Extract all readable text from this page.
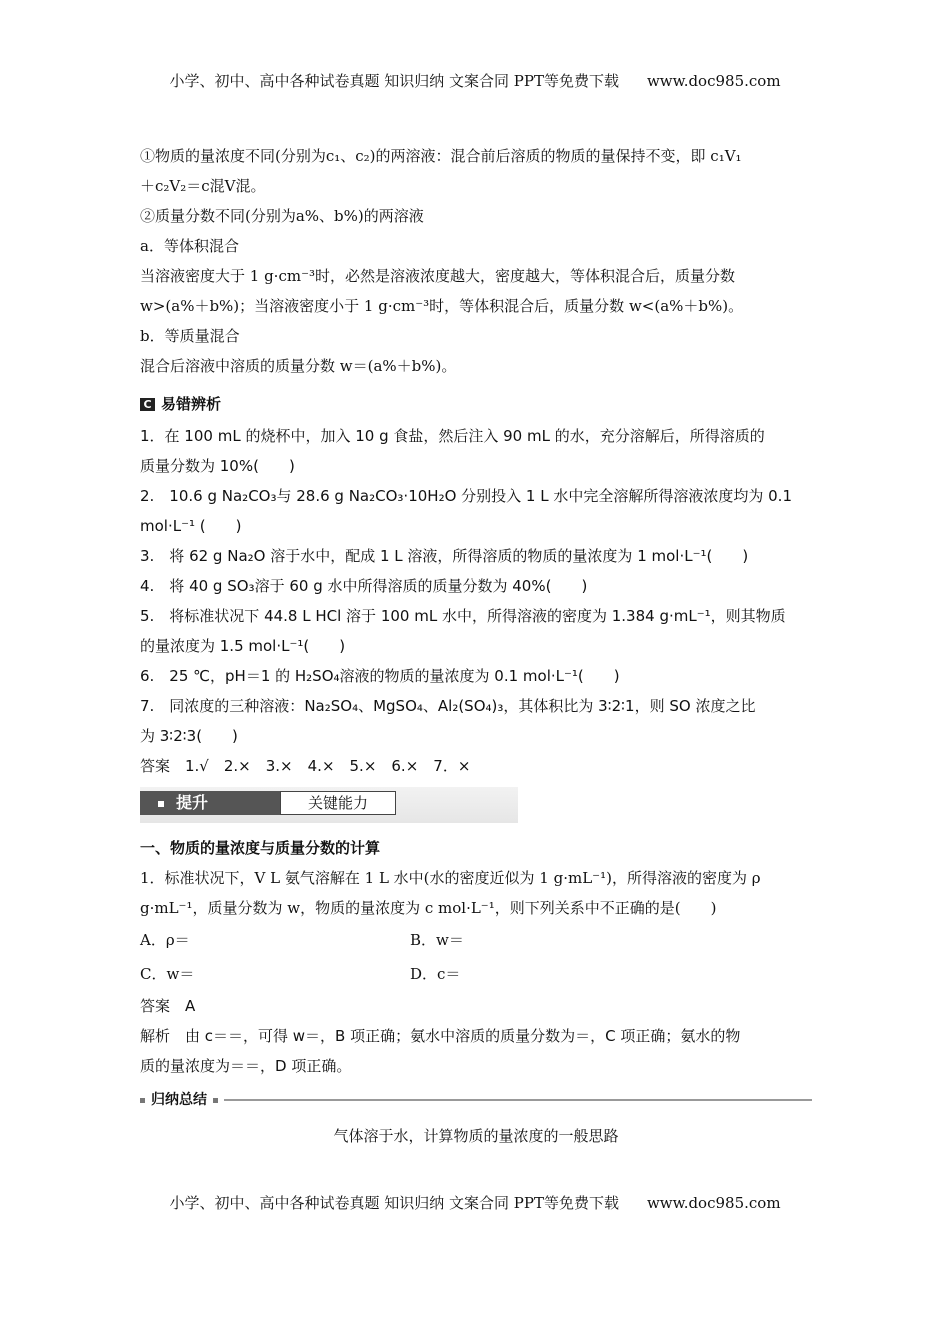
小学、初中、高中各种试卷真题 知识归纳 文案合同 PPT等免费下载 www.doc985.com

①物质的量浓度不同(分别为c₁、c₂)的两溶液：混合前后溶质的物质的量保持不变，即 c₁V₁

＋c₂V₂＝c混V混。

②质量分数不同(分别为a%、b%)的两溶液

a．等体积混合

当溶液密度大于 1 g·cm⁻³时，必然是溶液浓度越大，密度越大，等体积混合后，质量分数

w>(a%＋b%)；当溶液密度小于 1 g·cm⁻³时，等体积混合后，质量分数 w<(a%＋b%)。

b．等质量混合

混合后溶液中溶质的质量分数 w＝(a%＋b%)。

C 易错辨析

1．在 100 mL 的烧杯中，加入 10 g 食盐，然后注入 90 mL 的水，充分溶解后，所得溶质的

质量分数为 10%(　　)

2.　10.6 g Na₂CO₃与 28.6 g Na₂CO₃·10H₂O 分别投入 1 L 水中完全溶解所得溶液浓度均为 0.1

mol·L⁻¹ (　　)

3.　将 62 g Na₂O 溶于水中，配成 1 L 溶液，所得溶质的物质的量浓度为 1 mol·L⁻¹(　　)

4.　将 40 g SO₃溶于 60 g 水中所得溶质的质量分数为 40%(　　)

5.　将标准状况下 44.8 L HCl 溶于 100 mL 水中，所得溶液的密度为 1.384 g·mL⁻¹，则其物质

的量浓度为 1.5 mol·L⁻¹(　　)

6.　25 ℃，pH＝1 的 H₂SO₄溶液的物质的量浓度为 0.1 mol·L⁻¹(　　)

7.　同浓度的三种溶液：Na₂SO₄、MgSO₄、Al₂(SO₄)₃，其体积比为 3∶2∶1，则 SO 浓度之比

为 3∶2∶3(　　)

答案　1.√　2.×　3.×　4.×　5.×　6.×　7．×

提升	关键能力

一、物质的量浓度与质量分数的计算

1．标准状况下，V L 氨气溶解在 1 L 水中(水的密度近似为 1 g·mL⁻¹)，所得溶液的密度为 ρ

g·mL⁻¹，质量分数为 w，物质的量浓度为 c mol·L⁻¹，则下列关系中不正确的是(　　)

A．ρ＝	B．w＝
C．w＝	D．c＝

答案　A

解析　由 c＝＝，可得 w＝，B 项正确；氨水中溶质的质量分数为＝，C 项正确；氨水的物

质的量浓度为＝＝，D 项正确。

归纳总结
气体溶于水，计算物质的量浓度的一般思路
小学、初中、高中各种试卷真题 知识归纳 文案合同 PPT等免费下载 www.doc985.com
